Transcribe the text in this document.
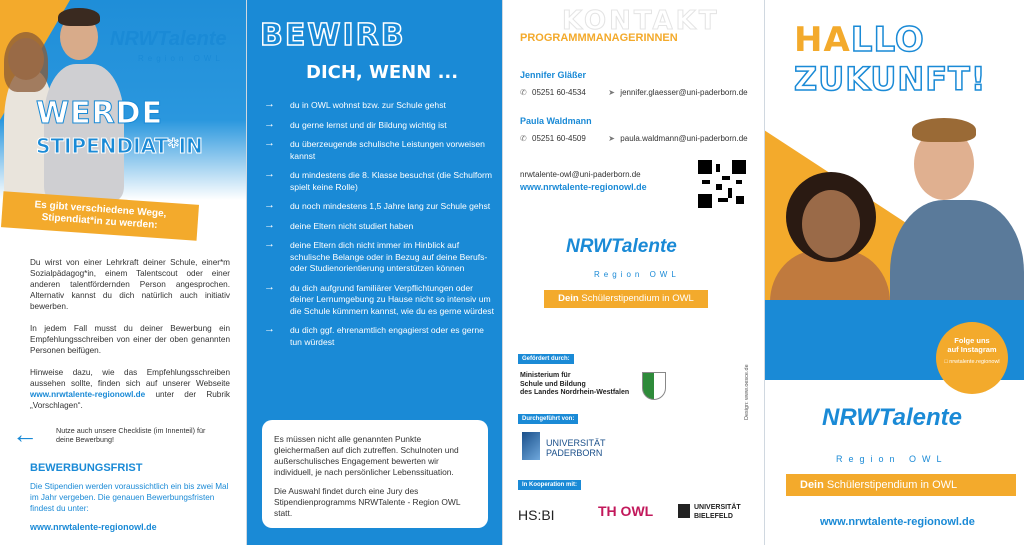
NRWTalente
Region OWL
WERDE
STIPENDIAT*IN
Es gibt verschiedene Wege, Stipendiat*in zu werden:

Du wirst von einer Lehrkraft deiner Schule, einer*m Sozialpädagog*in, einem Talentscout oder einer anderen talentfördernden Person angesprochen. Alternativ kannst du dich natürlich auch initiativ bewerben.

In jedem Fall musst du deiner Bewerbung ein Empfehlungsschreiben von einer der oben genannten Personen beifügen.

Hinweise dazu, wie das Empfehlungsschreiben aussehen sollte, finden sich auf unserer Webseite www.nrwtalente-regionowl.de unter der Rubrik „Vorschlagen“.

←	Nutze auch unsere Checkliste (im Innenteil) für deine Bewerbung!
BEWERBUNGSFRIST
Die Stipendien werden voraussichtlich ein bis zwei Mal im Jahr vergeben. Die genauen Bewerbungsfristen findest du unter:
www.nrwtalente-regionowl.de
BEWIRB
DICH, WENN ...
→ du in OWL wohnst bzw. zur Schule gehst
→ du gerne lernst und dir Bildung wichtig ist
→ du überzeugende schulische Leistungen vorweisen kannst
→ du mindestens die 8. Klasse besuchst (die Schulform spielt keine Rolle)
→ du noch mindestens 1,5 Jahre lang zur Schule gehst
→ deine Eltern nicht studiert haben
→ deine Eltern dich nicht immer im Hinblick auf schulische Belange oder in Bezug auf deine Berufs- oder Studienorientierung unterstützen können
→ du dich aufgrund familiärer Verpflichtungen oder deiner Lernumgebung zu Hause nicht so intensiv um die Schule kümmern kannst, wie du es gerne würdest
→ du dich ggf. ehrenamtlich engagierst oder es gerne tun würdest

Es müssen nicht alle genannten Punkte gleichermaßen auf dich zutreffen. Schulnoten und außerschulisches Engagement bewerten wir individuell, je nach persönlicher Lebenssituation.

Die Auswahl findet durch eine Jury des Stipendienprogramms NRWTalente - Region OWL statt.

KONTAKT
PROGRAMMMANAGERINNEN
Jennifer Gläßer
✆ 05251 60-4534	➤ jennifer.glaesser@uni-paderborn.de
Paula Waldmann
✆ 05251 60-4509	➤ paula.waldmann@uni-paderborn.de
nrwtalente-owl@uni-paderborn.de
www.nrwtalente-regionowl.de
NRWTalente
Region OWL
Dein Schülerstipendium in OWL
Gefördert durch:
Ministerium für
Schule und Bildung
des Landes Nordrhein-Westfalen
Durchgeführt von:
UNIVERSITÄT
PADERBORN
In Kooperation mit:
HS:BI	TH OWL	UNIVERSITÄT
BIELEFELD
Design: www.oesce.de
HALLO
ZUKUNFT!
Folge uns
auf Instagram
□ nrwtalente.regionowl
NRWTalente
Region OWL
Dein Schülerstipendium in OWL
www.nrwtalente-regionowl.de
